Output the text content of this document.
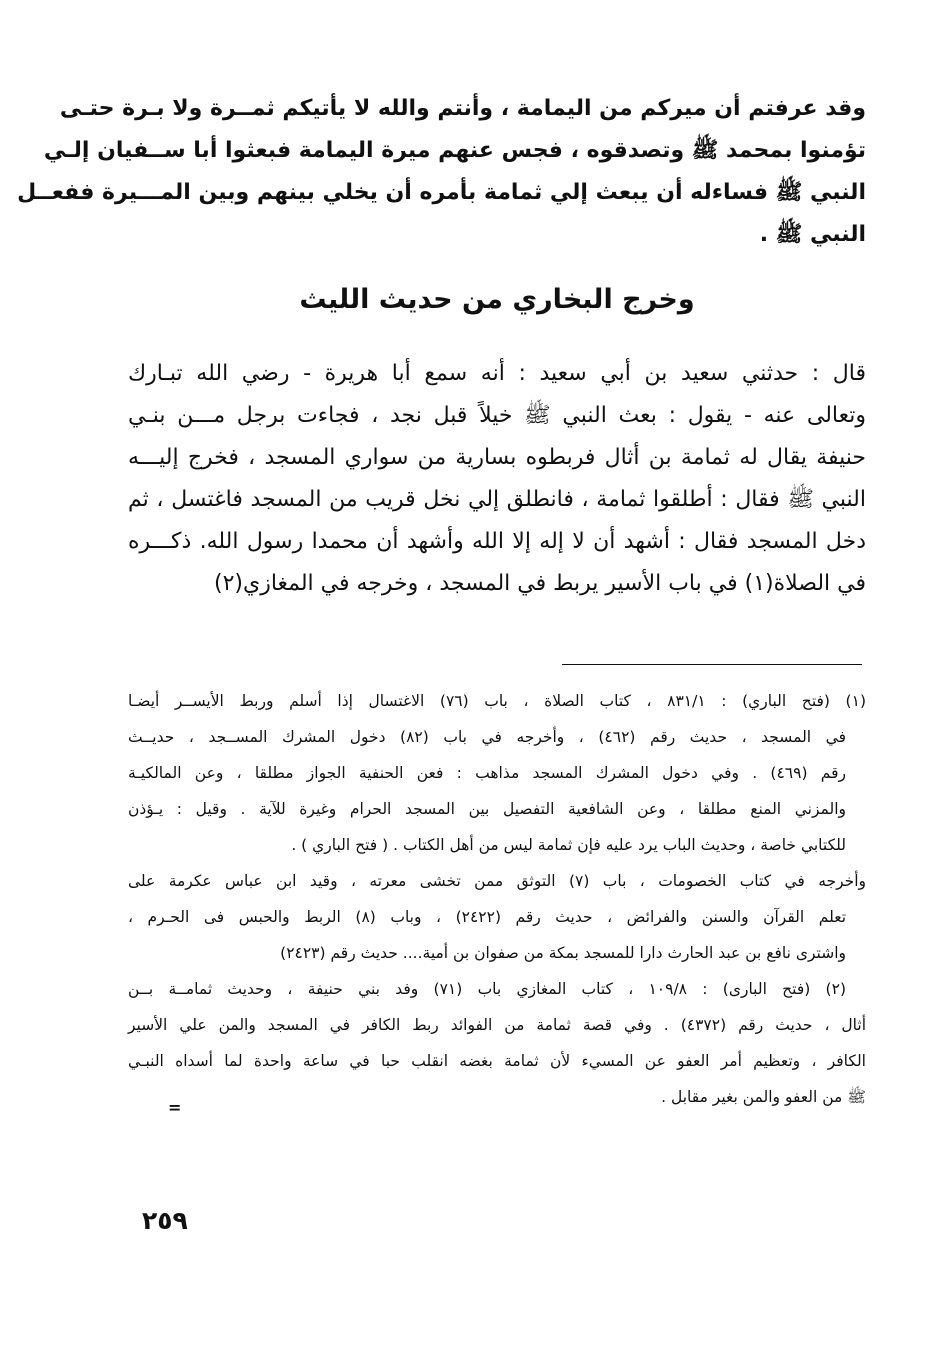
وقد عرفتم أن ميركم من اليمامة ، وأنتم والله لا يأتيكم ثمــرة ولا بـرة حتـى
تؤمنوا بمحمد ﷺ وتصدقوه ، فجس عنهم ميرة اليمامة فبعثوا أبا ســفيان إلـي
النبي ﷺ فساءله أن يبعث إلي ثمامة بأمره أن يخلي بينهم وبين المـــيرة ففعــل
النبي ﷺ .
وخرج البخاري من حديث الليث
قال : حدثني سعيد بن أبي سعيد : أنه سمع أبا هريرة - رضي الله تبـارك
وتعالى عنه - يقول : بعث النبي ﷺ خيلاً قبل نجد ، فجاءت برجل مـــن بنـي
حنيفة يقال له ثمامة بن أثال فربطوه بسارية من سواري المسجد ، فخرج إليـــه
النبي ﷺ فقال : أطلقوا ثمامة ، فانطلق إلي نخل قريب من المسجد فاغتسل ، ثم
دخل المسجد فقال : أشهد أن لا إله إلا الله وأشهد أن محمدا رسول الله. ذكـــره
في الصلاة(١) في باب الأسير يربط في المسجد ، وخرجه في المغازي(٢)
(١) (فتح الباري) : ٨٣١/١ ، كتاب الصلاة ، باب (٧٦) الاغتسال إذا أسلم وربط الأيســر أيضـا
في المسجد ، حديث رقم (٤٦٢) ، وأخرجه في باب (٨٢) دخول المشرك المســجد ، حديــث
رقم (٤٦٩) . وفي دخول المشرك المسجد مذاهب : فعن الحنفية الجواز مطلقا ، وعن المالكيـة
والمزني المنع مطلقا ، وعن الشافعية التفصيل بين المسجد الحرام وغيرة للآية . وقيل : يـؤذن
للكتابي خاصة ، وحديث الباب يرد عليه فإن ثمامة ليس من أهل الكتاب . ( فتح الباري ) .
وأخرجه في كتاب الخصومات ، باب (٧) التوثق ممن تخشى معرته ، وقيد ابن عباس عكرمة على
تعلم القرآن والسنن والفرائض ، حديث رقم (٢٤٢٢) ، وباب (٨) الربط والحبس فى الحـرم ،
واشترى نافع بن عبد الحارث دارا للمسجد بمكة من صفوان بن أمية.... حديث رقم (٢٤٢٣)
(٢) (فتح البارى) : ١٠٩/٨ ، كتاب المغازي باب (٧١) وفد بني حنيفة ، وحديث ثمامــة بــن
أثال ، حديث رقم (٤٣٧٢) . وفي قصة ثمامة من الفوائد ربط الكافر في المسجد والمن علي الأسير
الكافر ، وتعظيم أمر العفو عن المسيء لأن ثمامة بغضه انقلب حبا في ساعة واحدة لما أسداه النبـي
ﷺ من العفو والمن بغير مقابل .
=
٢٥٩
